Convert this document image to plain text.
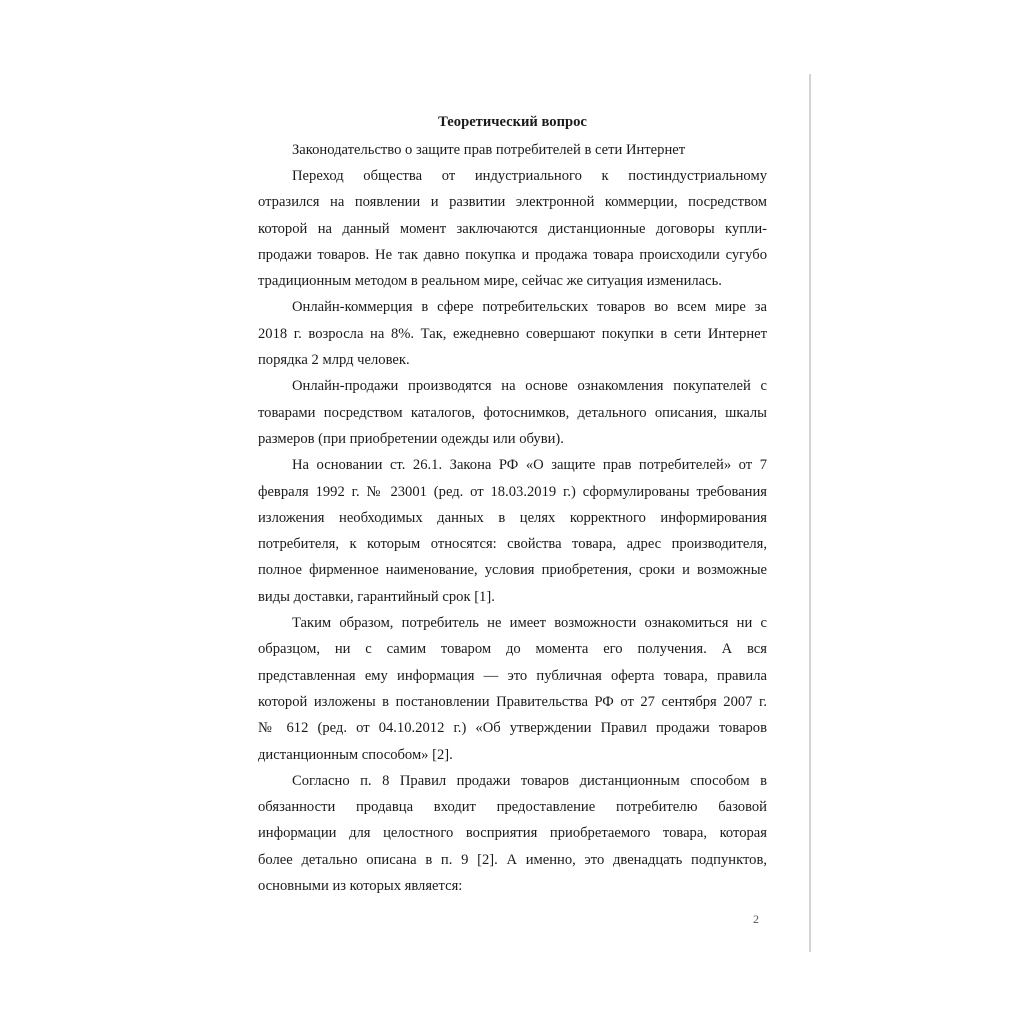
Теоретический вопрос
Законодательство о защите прав потребителей в сети Интернет
Переход общества от индустриального к постиндустриальному
отразился на появлении и развитии электронной коммерции, посредством
которой на данный момент заключаются дистанционные договоры купли-
продажи товаров. Не так давно покупка и продажа товара происходили сугубо
традиционным методом в реальном мире, сейчас же ситуация изменилась.
Онлайн-коммерция в сфере потребительских товаров во всем мире за
2018 г. возросла на 8%. Так, ежедневно совершают покупки в сети Интернет
порядка 2 млрд человек.
Онлайн-продажи производятся на основе ознакомления покупателей с
товарами посредством каталогов, фотоснимков, детального описания, шкалы
размеров (при приобретении одежды или обуви).
На основании ст. 26.1. Закона РФ «О защите прав потребителей» от 7
февраля 1992 г. № 23001 (ред. от 18.03.2019 г.) сформулированы требования
изложения необходимых данных в целях корректного информирования
потребителя, к которым относятся: свойства товара, адрес производителя,
полное фирменное наименование, условия приобретения, сроки и возможные
виды доставки, гарантийный срок [1].
Таким образом, потребитель не имеет возможности ознакомиться ни с
образцом, ни с самим товаром до момента его получения. А вся
представленная ему информация — это публичная оферта товара, правила
которой изложены в постановлении Правительства РФ от 27 сентября 2007 г.
№ 612 (ред. от 04.10.2012 г.) «Об утверждении Правил продажи товаров
дистанционным способом» [2].
Согласно п. 8 Правил продажи товаров дистанционным способом в
обязанности продавца входит предоставление потребителю базовой
информации для целостного восприятия приобретаемого товара, которая
более детально описана в п. 9 [2]. А именно, это двенадцать подпунктов,
основными из которых является:
2
